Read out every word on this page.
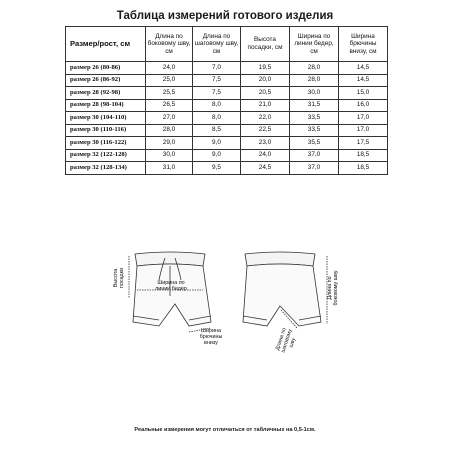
Таблица измерений готового изделия
Размер/рост, см	Длина по боковому шву, см	Длина по шаговому шву, см	Высота посадки, см	Ширина по линии бедер, см	Ширина брючины внизу, см
размер 26 (80-86)	24,0	7,0	19,5	28,0	14,5
размер 26 (86-92)	25,0	7,5	20,0	28,0	14,5
размер 28 (92-98)	25,5	7,5	20,5	30,0	15,0
размер 28 (98-104)	26,5	8,0	21,0	31,5	16,0
размер 30 (104-110)	27,0	8,0	22,0	33,5	17,0
размер 30 (110-116)	28,0	8,5	22,5	33,5	17,0
размер 30 (116-122)	29,0	9,0	23,0	35,5	17,5
размер 32 (122-128)	30,0	9,0	24,0	37,0	18,5
размер 32 (128-134)	31,0	9,5	24,5	37,0	18,5
Высота посадки	Ширина по линии бедер
Ширина брючины внизу	Длина по шаговому шву
Длина по боковому шву
Реальные измерения могут отличаться от табличных на 0,5-1см.
